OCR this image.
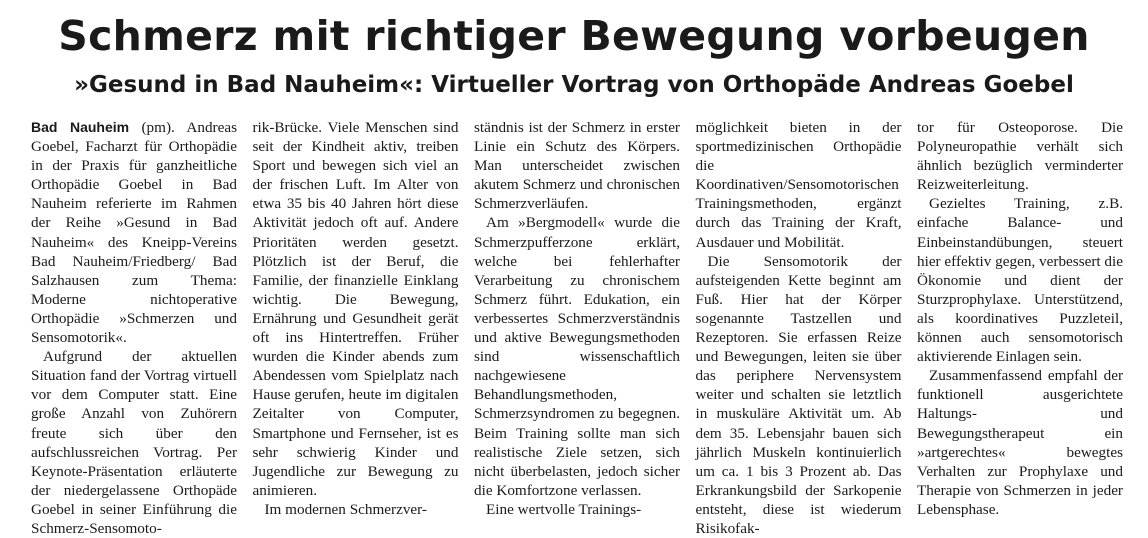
Schmerz mit richtiger Bewegung vorbeugen
»Gesund in Bad Nauheim«: Virtueller Vortrag von Orthopäde Andreas Goebel

Bad Nauheim (pm). Andreas Goebel, Facharzt für Orthopädie in der Praxis für ganzheitliche Orthopädie Goebel in Bad Nauheim referierte im Rahmen der Reihe »Gesund in Bad Nauheim« des Kneipp-Vereins Bad Nauheim/Friedberg/ Bad Salzhausen zum Thema: Moderne nichtoperative Orthopädie »Schmerzen und Sensomotorik«.

Aufgrund der aktuellen Situation fand der Vortrag virtuell vor dem Computer statt. Eine große Anzahl von Zuhörern freute sich über den aufschlussreichen Vortrag. Per Keynote-Präsentation erläuterte der niedergelassene Orthopäde Goebel in seiner Einführung die Schmerz-Sensomoto-

rik-Brücke. Viele Menschen sind seit der Kindheit aktiv, treiben Sport und bewegen sich viel an der frischen Luft. Im Alter von etwa 35 bis 40 Jahren hört diese Aktivität jedoch oft auf. Andere Prioritäten werden gesetzt. Plötzlich ist der Beruf, die Familie, der finanzielle Einklang wichtig. Die Bewegung, Ernährung und Gesundheit gerät oft ins Hintertreffen. Früher wurden die Kinder abends zum Abendessen vom Spielplatz nach Hause gerufen, heute im digitalen Zeitalter von Computer, Smartphone und Fernseher, ist es sehr schwierig Kinder und Jugendliche zur Bewegung zu animieren.

Im modernen Schmerzver-

ständnis ist der Schmerz in erster Linie ein Schutz des Körpers. Man unterscheidet zwischen akutem Schmerz und chronischen Schmerzverläufen.

Am »Bergmodell« wurde die Schmerzpufferzone erklärt, welche bei fehlerhafter Verarbeitung zu chronischem Schmerz führt. Edukation, ein verbessertes Schmerzverständnis und aktive Bewegungsmethoden sind wissenschaftlich nachgewiesene Behandlungsmethoden, Schmerzsyndromen zu begegnen. Beim Training sollte man sich realistische Ziele setzen, sich nicht überbelasten, jedoch sicher die Komfortzone verlassen.

Eine wertvolle Trainings-

möglichkeit bieten in der sportmedizinischen Orthopädie die Koordinativen/Sensomotorischen Trainingsmethoden, ergänzt durch das Training der Kraft, Ausdauer und Mobilität.

Die Sensomotorik der aufsteigenden Kette beginnt am Fuß. Hier hat der Körper sogenannte Tastzellen und Rezeptoren. Sie erfassen Reize und Bewegungen, leiten sie über das periphere Nervensystem weiter und schalten sie letztlich in muskuläre Aktivität um. Ab dem 35. Lebensjahr bauen sich jährlich Muskeln kontinuierlich um ca. 1 bis 3 Prozent ab. Das Erkrankungsbild der Sarkopenie entsteht, diese ist wiederum Risikofak-

tor für Osteoporose. Die Polyneuropathie verhält sich ähnlich bezüglich verminderter Reizweiterleitung.

Gezieltes Training, z.B. einfache Balance- und Einbeinstandübungen, steuert hier effektiv gegen, verbessert die Ökonomie und dient der Sturzprophylaxe. Unterstützend, als koordinatives Puzzleteil, können auch sensomotorisch aktivierende Einlagen sein.

Zusammenfassend empfahl der funktionell ausgerichtete Haltungs- und Bewegungstherapeut ein »artgerechtes« bewegtes Verhalten zur Prophylaxe und Therapie von Schmerzen in jeder Lebensphase.
